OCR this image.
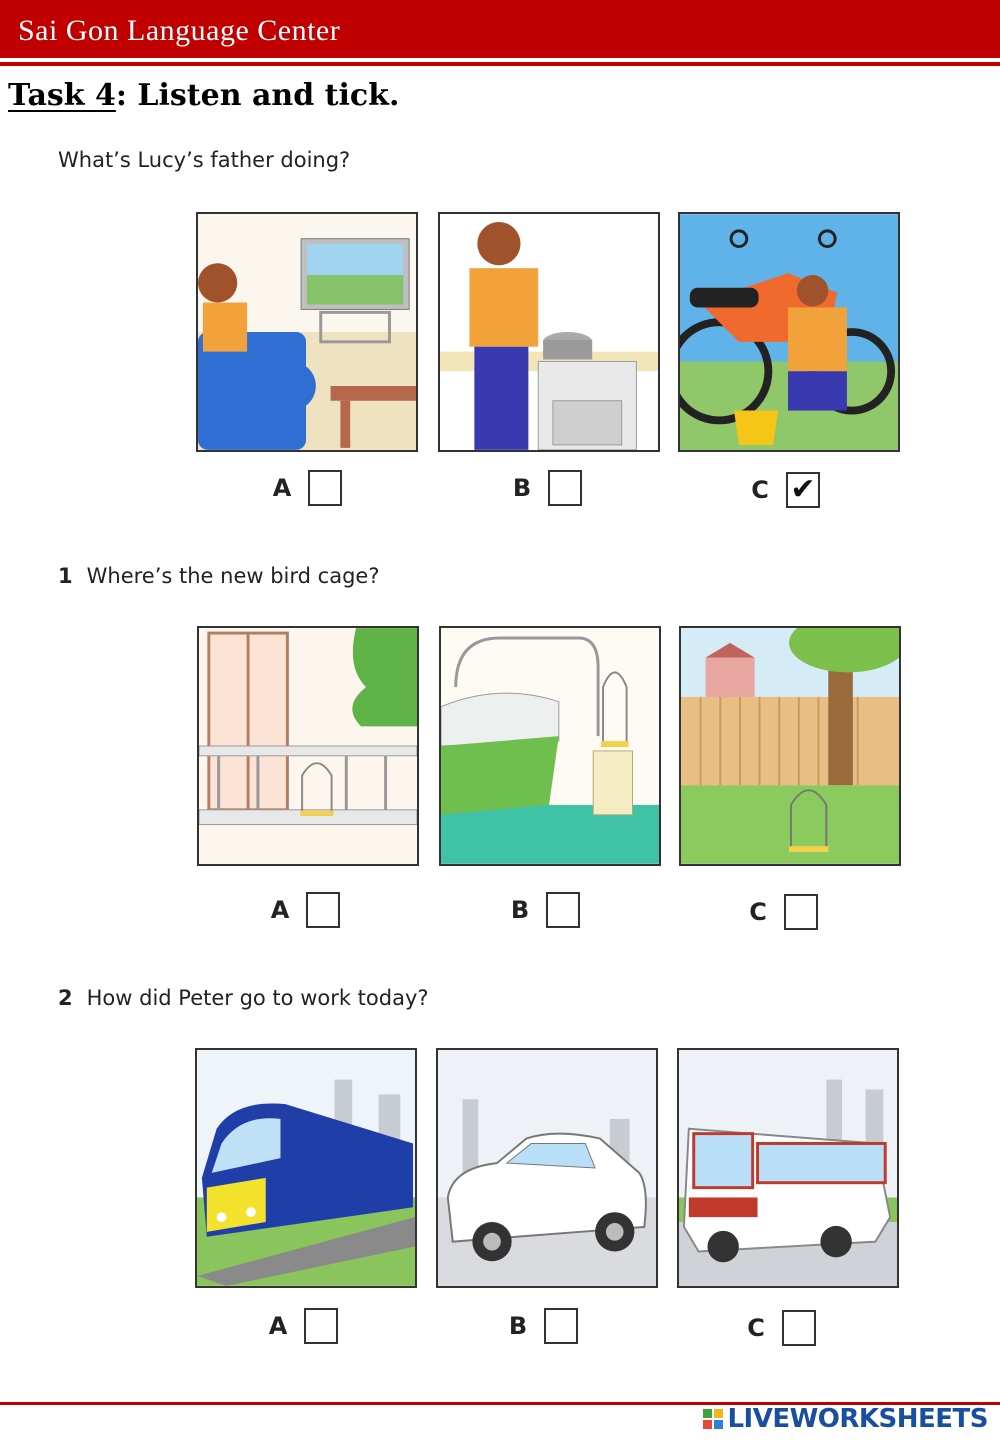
Sai Gon Language Center
Task 4: Listen and tick.
What’s Lucy’s father doing?
A	B	C ✔
1 Where’s the new bird cage?
A	B	C
2 How did Peter go to work today?
A	B	C
LIVEWORKSHEETS
